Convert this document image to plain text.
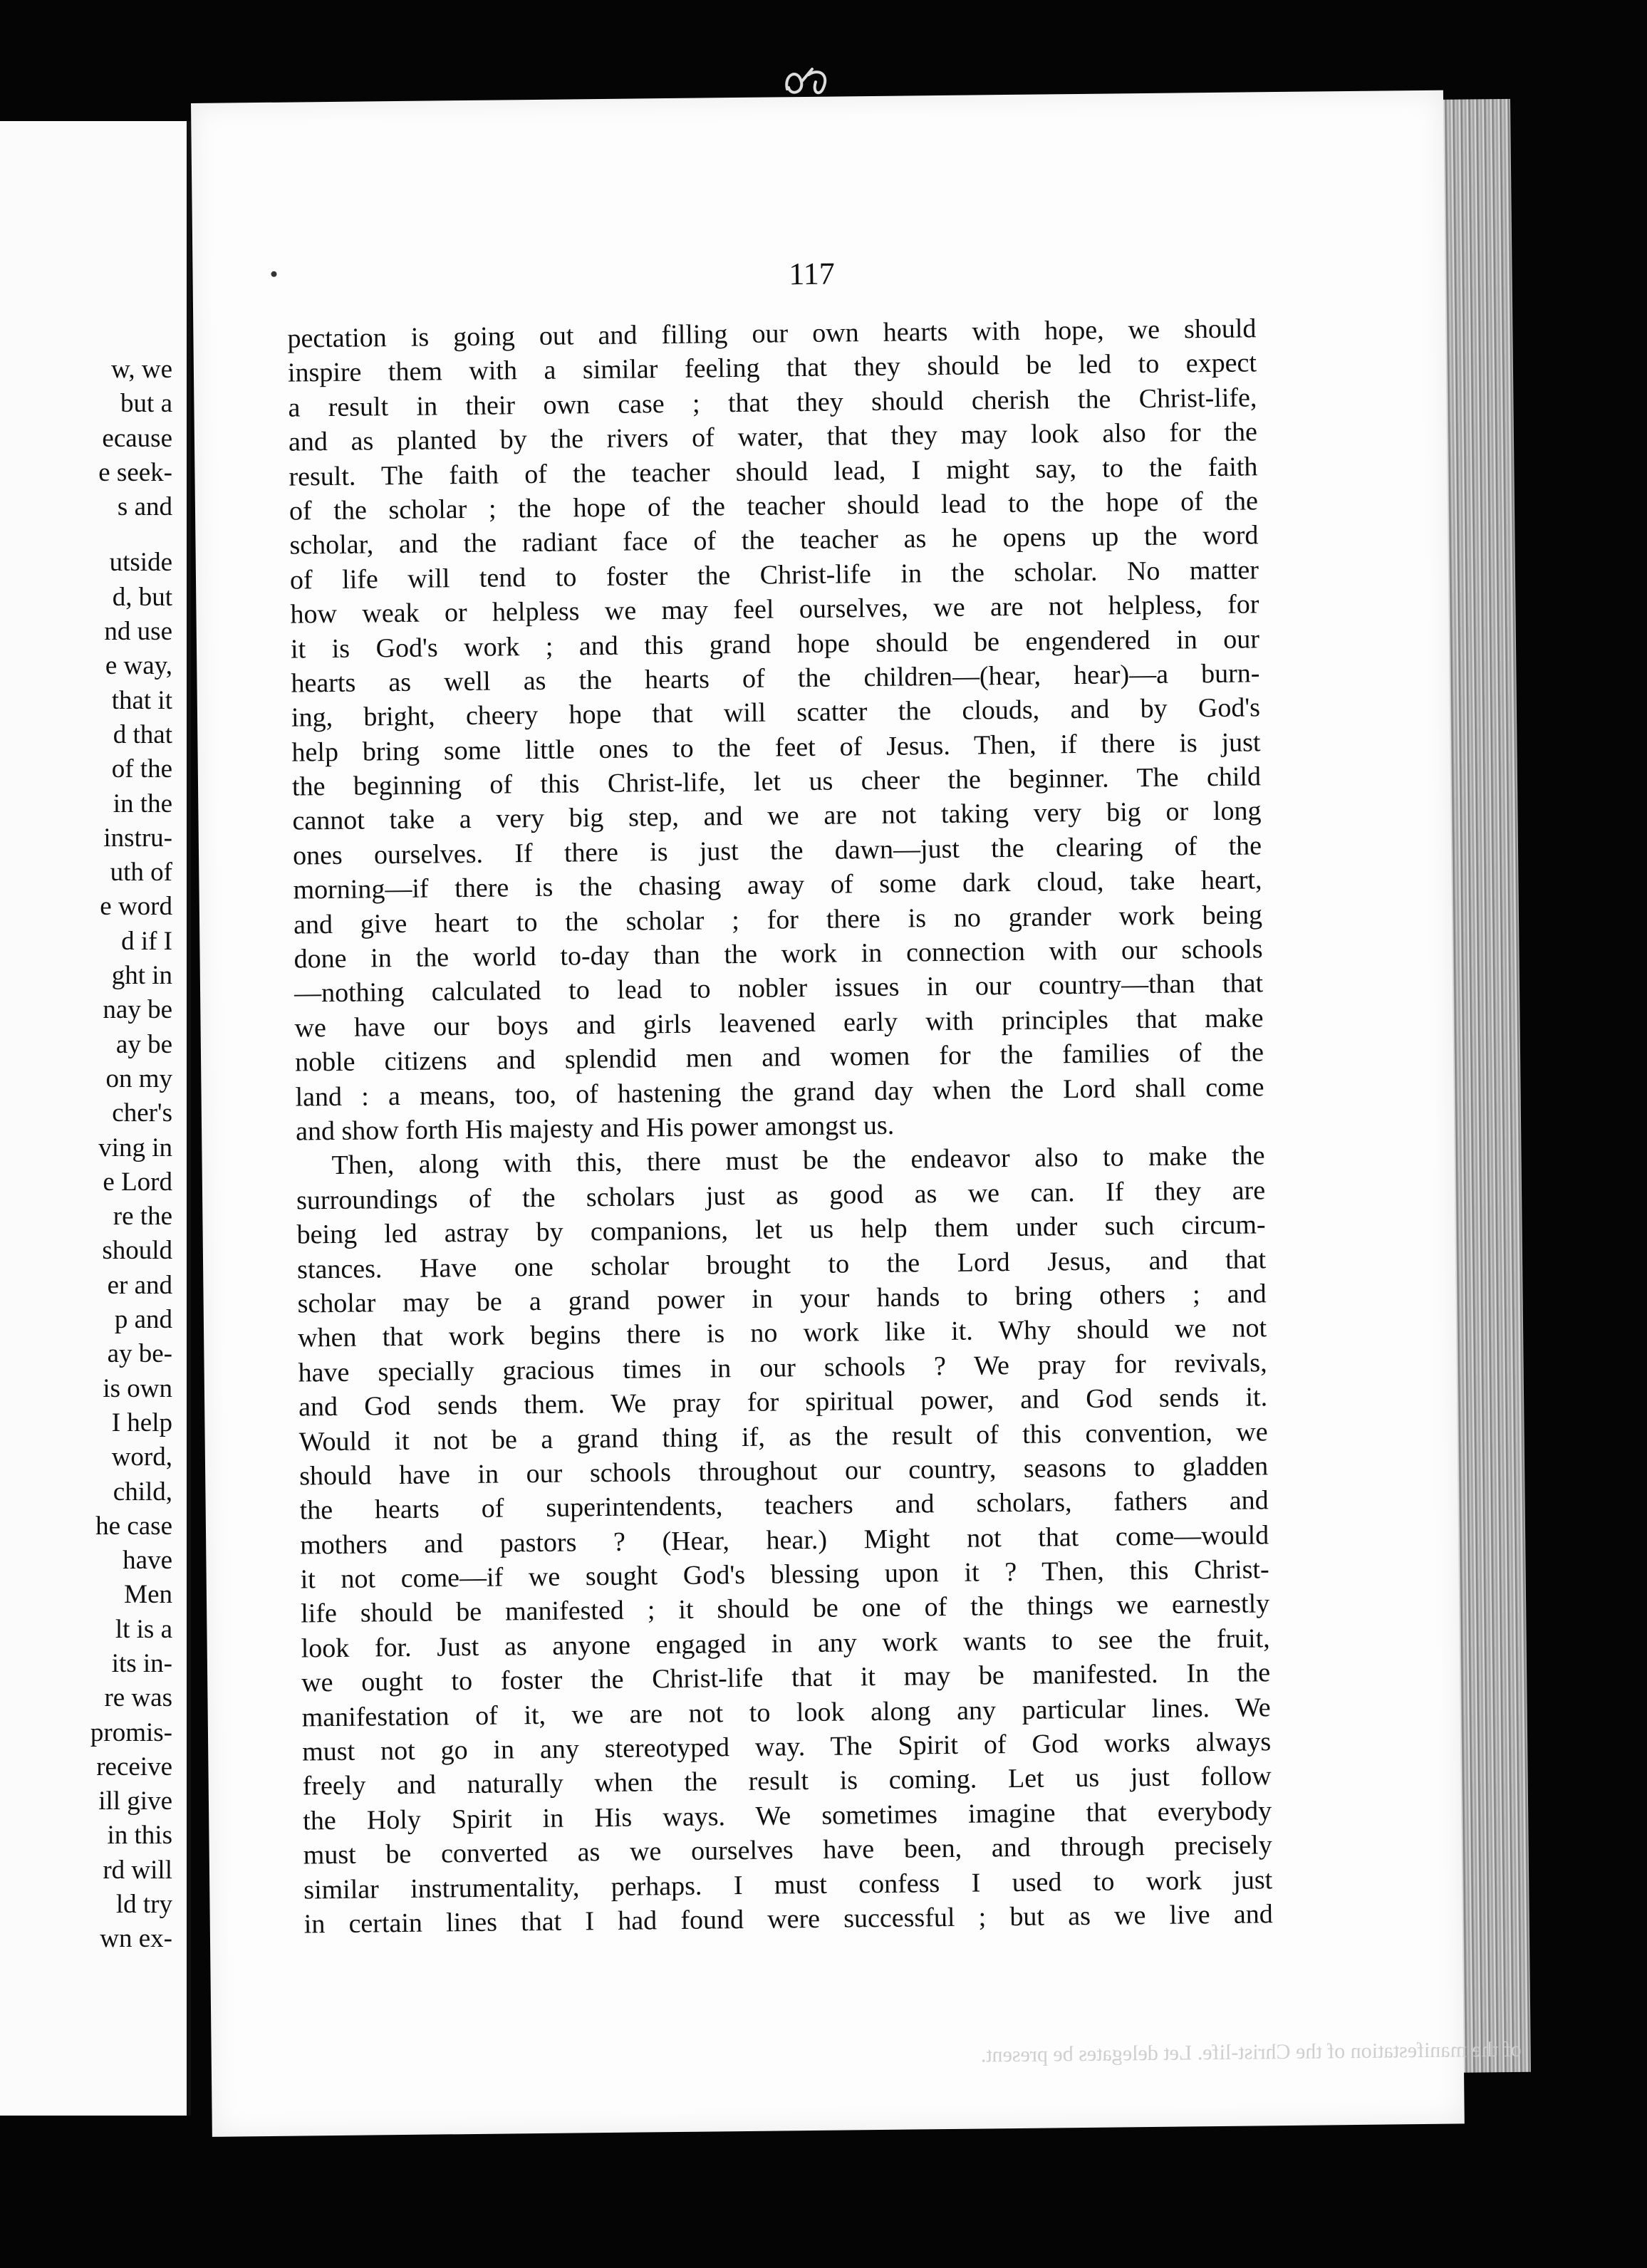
w, we
but a
ecause
e seek-
s and
utside
d, but
nd use
e way,
that it
d that
of the
in the
instru-
uth of
e word
d if I
ght in
nay be
ay be
on my
cher's
ving in
e Lord
re the
should
er and
p and
ay be-
is own
I help
word,
child,
he case
have
Men
lt is a
its in-
re was
promis-
receive
ill give
in this
rd will
ld try
wn ex-
117
pectation is going out and filling our own hearts with hope, we should
inspire them with a similar feeling that they should be led to expect
a result in their own case ; that they should cherish the Christ-life,
and as planted by the rivers of water, that they may look also for the
result. The faith of the teacher should lead, I might say, to the faith
of the scholar ; the hope of the teacher should lead to the hope of the
scholar, and the radiant face of the teacher as he opens up the word
of life will tend to foster the Christ-life in the scholar. No matter
how weak or helpless we may feel ourselves, we are not helpless, for
it is God's work ; and this grand hope should be engendered in our
hearts as well as the hearts of the children—(hear, hear)—a burn-
ing, bright, cheery hope that will scatter the clouds, and by God's
help bring some little ones to the feet of Jesus. Then, if there is just
the beginning of this Christ-life, let us cheer the beginner. The child
cannot take a very big step, and we are not taking very big or long
ones ourselves. If there is just the dawn—just the clearing of the
morning—if there is the chasing away of some dark cloud, take heart,
and give heart to the scholar ; for there is no grander work being
done in the world to-day than the work in connection with our schools
—nothing calculated to lead to nobler issues in our country—than that
we have our boys and girls leavened early with principles that make
noble citizens and splendid men and women for the families of the
land : a means, too, of hastening the grand day when the Lord shall come
and show forth His majesty and His power amongst us.
Then, along with this, there must be the endeavor also to make the
surroundings of the scholars just as good as we can. If they are
being led astray by companions, let us help them under such circum-
stances. Have one scholar brought to the Lord Jesus, and that
scholar may be a grand power in your hands to bring others ; and
when that work begins there is no work like it. Why should we not
have specially gracious times in our schools ? We pray for revivals,
and God sends them. We pray for spiritual power, and God sends it.
Would it not be a grand thing if, as the result of this convention, we
should have in our schools throughout our country, seasons to gladden
the hearts of superintendents, teachers and scholars, fathers and
mothers and pastors ? (Hear, hear.) Might not that come—would
it not come—if we sought God's blessing upon it ? Then, this Christ-
life should be manifested ; it should be one of the things we earnestly
look for. Just as anyone engaged in any work wants to see the fruit,
we ought to foster the Christ-life that it may be manifested. In the
manifestation of it, we are not to look along any particular lines. We
must not go in any stereotyped way. The Spirit of God works always
freely and naturally when the result is coming. Let us just follow
the Holy Spirit in His ways. We sometimes imagine that everybody
must be converted as we ourselves have been, and through precisely
similar instrumentality, perhaps. I must confess I used to work just
in certain lines that I had found were successful ; but as we live and
of the manifestation of the Christ-life. Let delegates be present.
